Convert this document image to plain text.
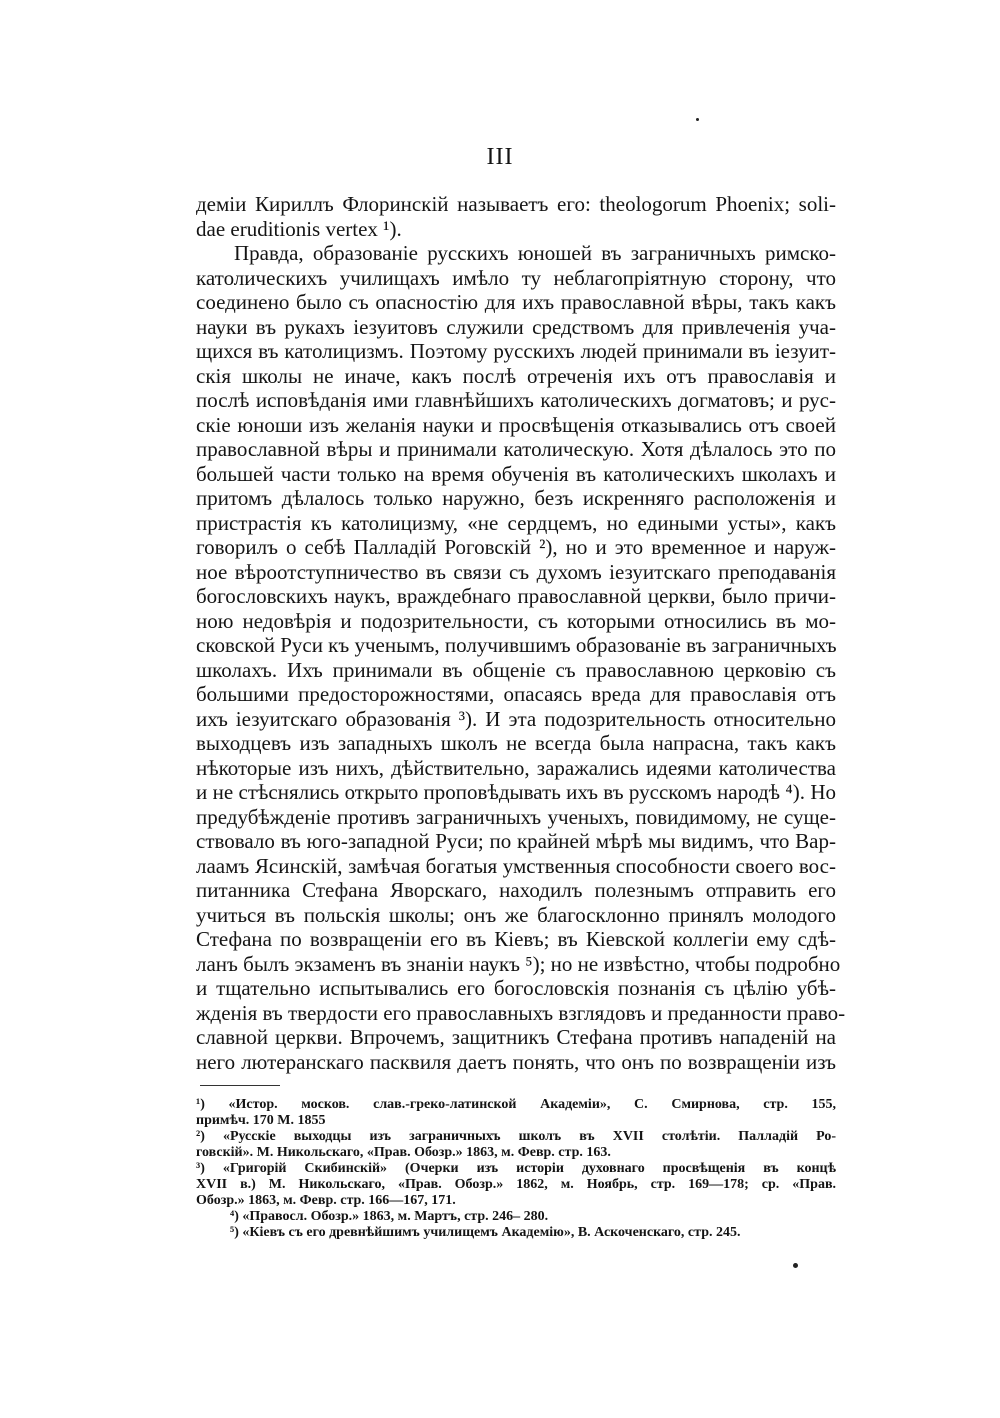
III
деміи Кириллъ Флоринскій называетъ его: theologorum Phoenix; soli-
dae eruditionis vertex ¹).
Правда, образованіе русскихъ юношей въ заграничныхъ римско-
католическихъ училищахъ имѣло ту неблагопріятную сторону, что
соединено было съ опасностію для ихъ православной вѣры, такъ какъ
науки въ рукахъ іезуитовъ служили средствомъ для привлеченія уча-
щихся въ католицизмъ. Поэтому русскихъ людей принимали въ іезуит-
скія школы не иначе, какъ послѣ отреченія ихъ отъ православія и
послѣ исповѣданія ими главнѣйшихъ католическихъ догматовъ; и рус-
скіе юноши изъ желанія науки и просвѣщенія отказывались отъ своей
православной вѣры и принимали католическую. Хотя дѣлалось это по
большей части только на время обученія въ католическихъ школахъ и
притомъ дѣлалось только наружно, безъ искренняго расположенія и
пристрастія къ католицизму, «не сердцемъ, но едиными усты», какъ
говорилъ о себѣ Палладій Роговскій ²), но и это временное и наруж-
ное вѣроотступничество въ связи съ духомъ іезуитскаго преподаванія
богословскихъ наукъ, враждебнаго православной церкви, было причи-
ною недовѣрія и подозрительности, съ которыми относились въ мо-
сковской Руси къ ученымъ, получившимъ образованіе въ заграничныхъ
школахъ. Ихъ принимали въ общеніе съ православною церковію съ
большими предосторожностями, опасаясь вреда для православія отъ
ихъ іезуитскаго образованія ³). И эта подозрительность относительно
выходцевъ изъ западныхъ школъ не всегда была напрасна, такъ какъ
нѣкоторые изъ нихъ, дѣйствительно, заражались идеями католичества
и не стѣснялись открыто проповѣдывать ихъ въ русскомъ народѣ ⁴). Но
предубѣжденіе противъ заграничныхъ ученыхъ, повидимому, не суще-
ствовало въ юго-западной Руси; по крайней мѣрѣ мы видимъ, что Вар-
лаамъ Ясинскій, замѣчая богатыя умственныя способности своего вос-
питанника Стефана Яворскаго, находилъ полезнымъ отправить его
учиться въ польскія школы; онъ же благосклонно принялъ молодого
Стефана по возвращеніи его въ Кіевъ; въ Кіевской коллегіи ему сдѣ-
ланъ былъ экзаменъ въ знаніи наукъ ⁵); но не извѣстно, чтобы подробно
и тщательно испытывались его богословскія познанія съ цѣлію убѣ-
жденія въ твердости его православныхъ взглядовъ и преданности право-
славной церкви. Впрочемъ, защитникъ Стефана противъ нападеній на
него лютеранскаго пасквиля даетъ понять, что онъ по возвращеніи изъ
¹) «Истор. москов. слав.-греко-латинской Академіи», С. Смирнова, стр. 155,
примѣч. 170 М. 1855
²) «Русскіе выходцы изъ заграничныхъ школъ въ XVII столѣтіи. Палладій Ро-
говскій». М. Никольскаго, «Прав. Обозр.» 1863, м. Февр. стр. 163.
³) «Григорій Скибинскій» (Очерки изъ исторіи духовнаго просвѣщенія въ концѣ
XVII в.) М. Никольскаго, «Прав. Обозр.» 1862, м. Ноябрь, стр. 169—178; ср. «Прав.
Обозр.» 1863, м. Февр. стр. 166—167, 171.
⁴) «Правосл. Обозр.» 1863, м. Мартъ, стр. 246– 280.
⁵) «Кіевъ съ его древнѣйшимъ училищемъ Академію», В. Аскоченскаго, стр. 245.
